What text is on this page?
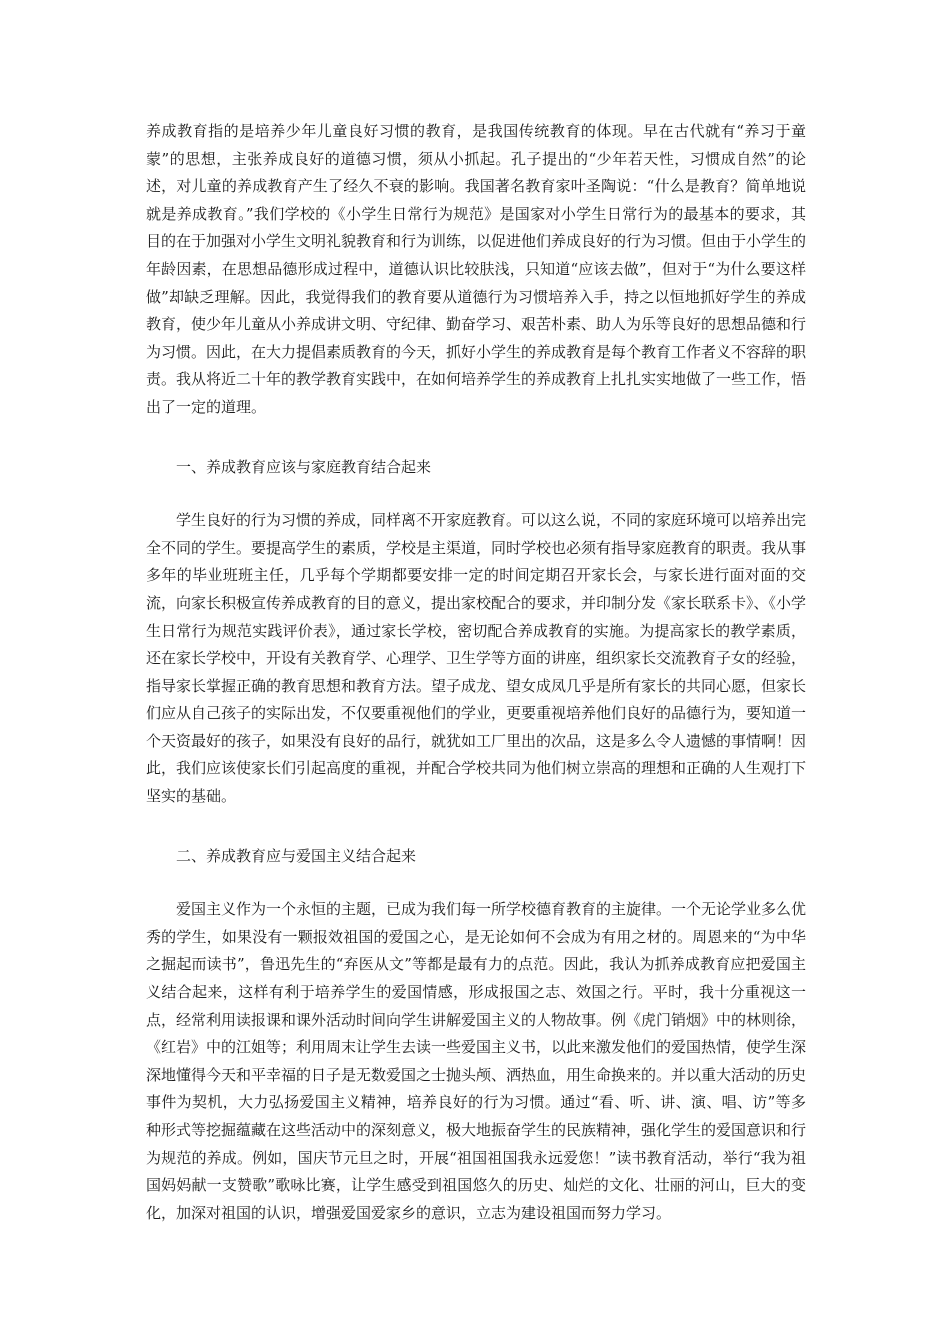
养成教育指的是培养少年儿童良好习惯的教育，是我国传统教育的体现。早在古代就有“养习于童蒙”的思想，主张养成良好的道德习惯，须从小抓起。孔子提出的“少年若天性，习惯成自然”的论述，对儿童的养成教育产生了经久不衰的影响。我国著名教育家叶圣陶说：“什么是教育？简单地说就是养成教育。”我们学校的《小学生日常行为规范》是国家对小学生日常行为的最基本的要求，其目的在于加强对小学生文明礼貌教育和行为训练，以促进他们养成良好的行为习惯。但由于小学生的年龄因素，在思想品德形成过程中，道德认识比较肤浅，只知道“应该去做”，但对于“为什么要这样做”却缺乏理解。因此，我觉得我们的教育要从道德行为习惯培养入手，持之以恒地抓好学生的养成教育，使少年儿童从小养成讲文明、守纪律、勤奋学习、艰苦朴素、助人为乐等良好的思想品德和行为习惯。因此，在大力提倡素质教育的今天，抓好小学生的养成教育是每个教育工作者义不容辞的职责。我从将近二十年的教学教育实践中，在如何培养学生的养成教育上扎扎实实地做了一些工作，悟出了一定的道理。

一、养成教育应该与家庭教育结合起来

学生良好的行为习惯的养成，同样离不开家庭教育。可以这么说，不同的家庭环境可以培养出完全不同的学生。要提高学生的素质，学校是主渠道，同时学校也必须有指导家庭教育的职责。我从事多年的毕业班班主任，几乎每个学期都要安排一定的时间定期召开家长会，与家长进行面对面的交流，向家长积极宣传养成教育的目的意义，提出家校配合的要求，并印制分发《家长联系卡》、《小学生日常行为规范实践评价表》，通过家长学校，密切配合养成教育的实施。为提高家长的教学素质，还在家长学校中，开设有关教育学、心理学、卫生学等方面的讲座，组织家长交流教育子女的经验，指导家长掌握正确的教育思想和教育方法。望子成龙、望女成凤几乎是所有家长的共同心愿，但家长们应从自己孩子的实际出发，不仅要重视他们的学业，更要重视培养他们良好的品德行为，要知道一个天资最好的孩子，如果没有良好的品行，就犹如工厂里出的次品，这是多么令人遗憾的事情啊！因此，我们应该使家长们引起高度的重视，并配合学校共同为他们树立崇高的理想和正确的人生观打下坚实的基础。

二、养成教育应与爱国主义结合起来

爱国主义作为一个永恒的主题，已成为我们每一所学校德育教育的主旋律。一个无论学业多么优秀的学生，如果没有一颗报效祖国的爱国之心，是无论如何不会成为有用之材的。周恩来的“为中华之掘起而读书”，鲁迅先生的“弃医从文”等都是最有力的点范。因此，我认为抓养成教育应把爱国主义结合起来，这样有利于培养学生的爱国情感，形成报国之志、效国之行。平时，我十分重视这一点，经常利用读报课和课外活动时间向学生讲解爱国主义的人物故事。例《虎门销烟》中的林则徐，《红岩》中的江姐等；利用周末让学生去读一些爱国主义书，以此来激发他们的爱国热情，使学生深深地懂得今天和平幸福的日子是无数爱国之士抛头颅、洒热血，用生命换来的。并以重大活动的历史事件为契机，大力弘扬爱国主义精神，培养良好的行为习惯。通过“看、听、讲、演、唱、访”等多种形式等挖掘蕴藏在这些活动中的深刻意义，极大地振奋学生的民族精神，强化学生的爱国意识和行为规范的养成。例如，国庆节元旦之时，开展“祖国祖国我永远爱您！”读书教育活动，举行“我为祖国妈妈献一支赞歌”歌咏比赛，让学生感受到祖国悠久的历史、灿烂的文化、壮丽的河山，巨大的变化，加深对祖国的认识，增强爱国爱家乡的意识，立志为建设祖国而努力学习。
